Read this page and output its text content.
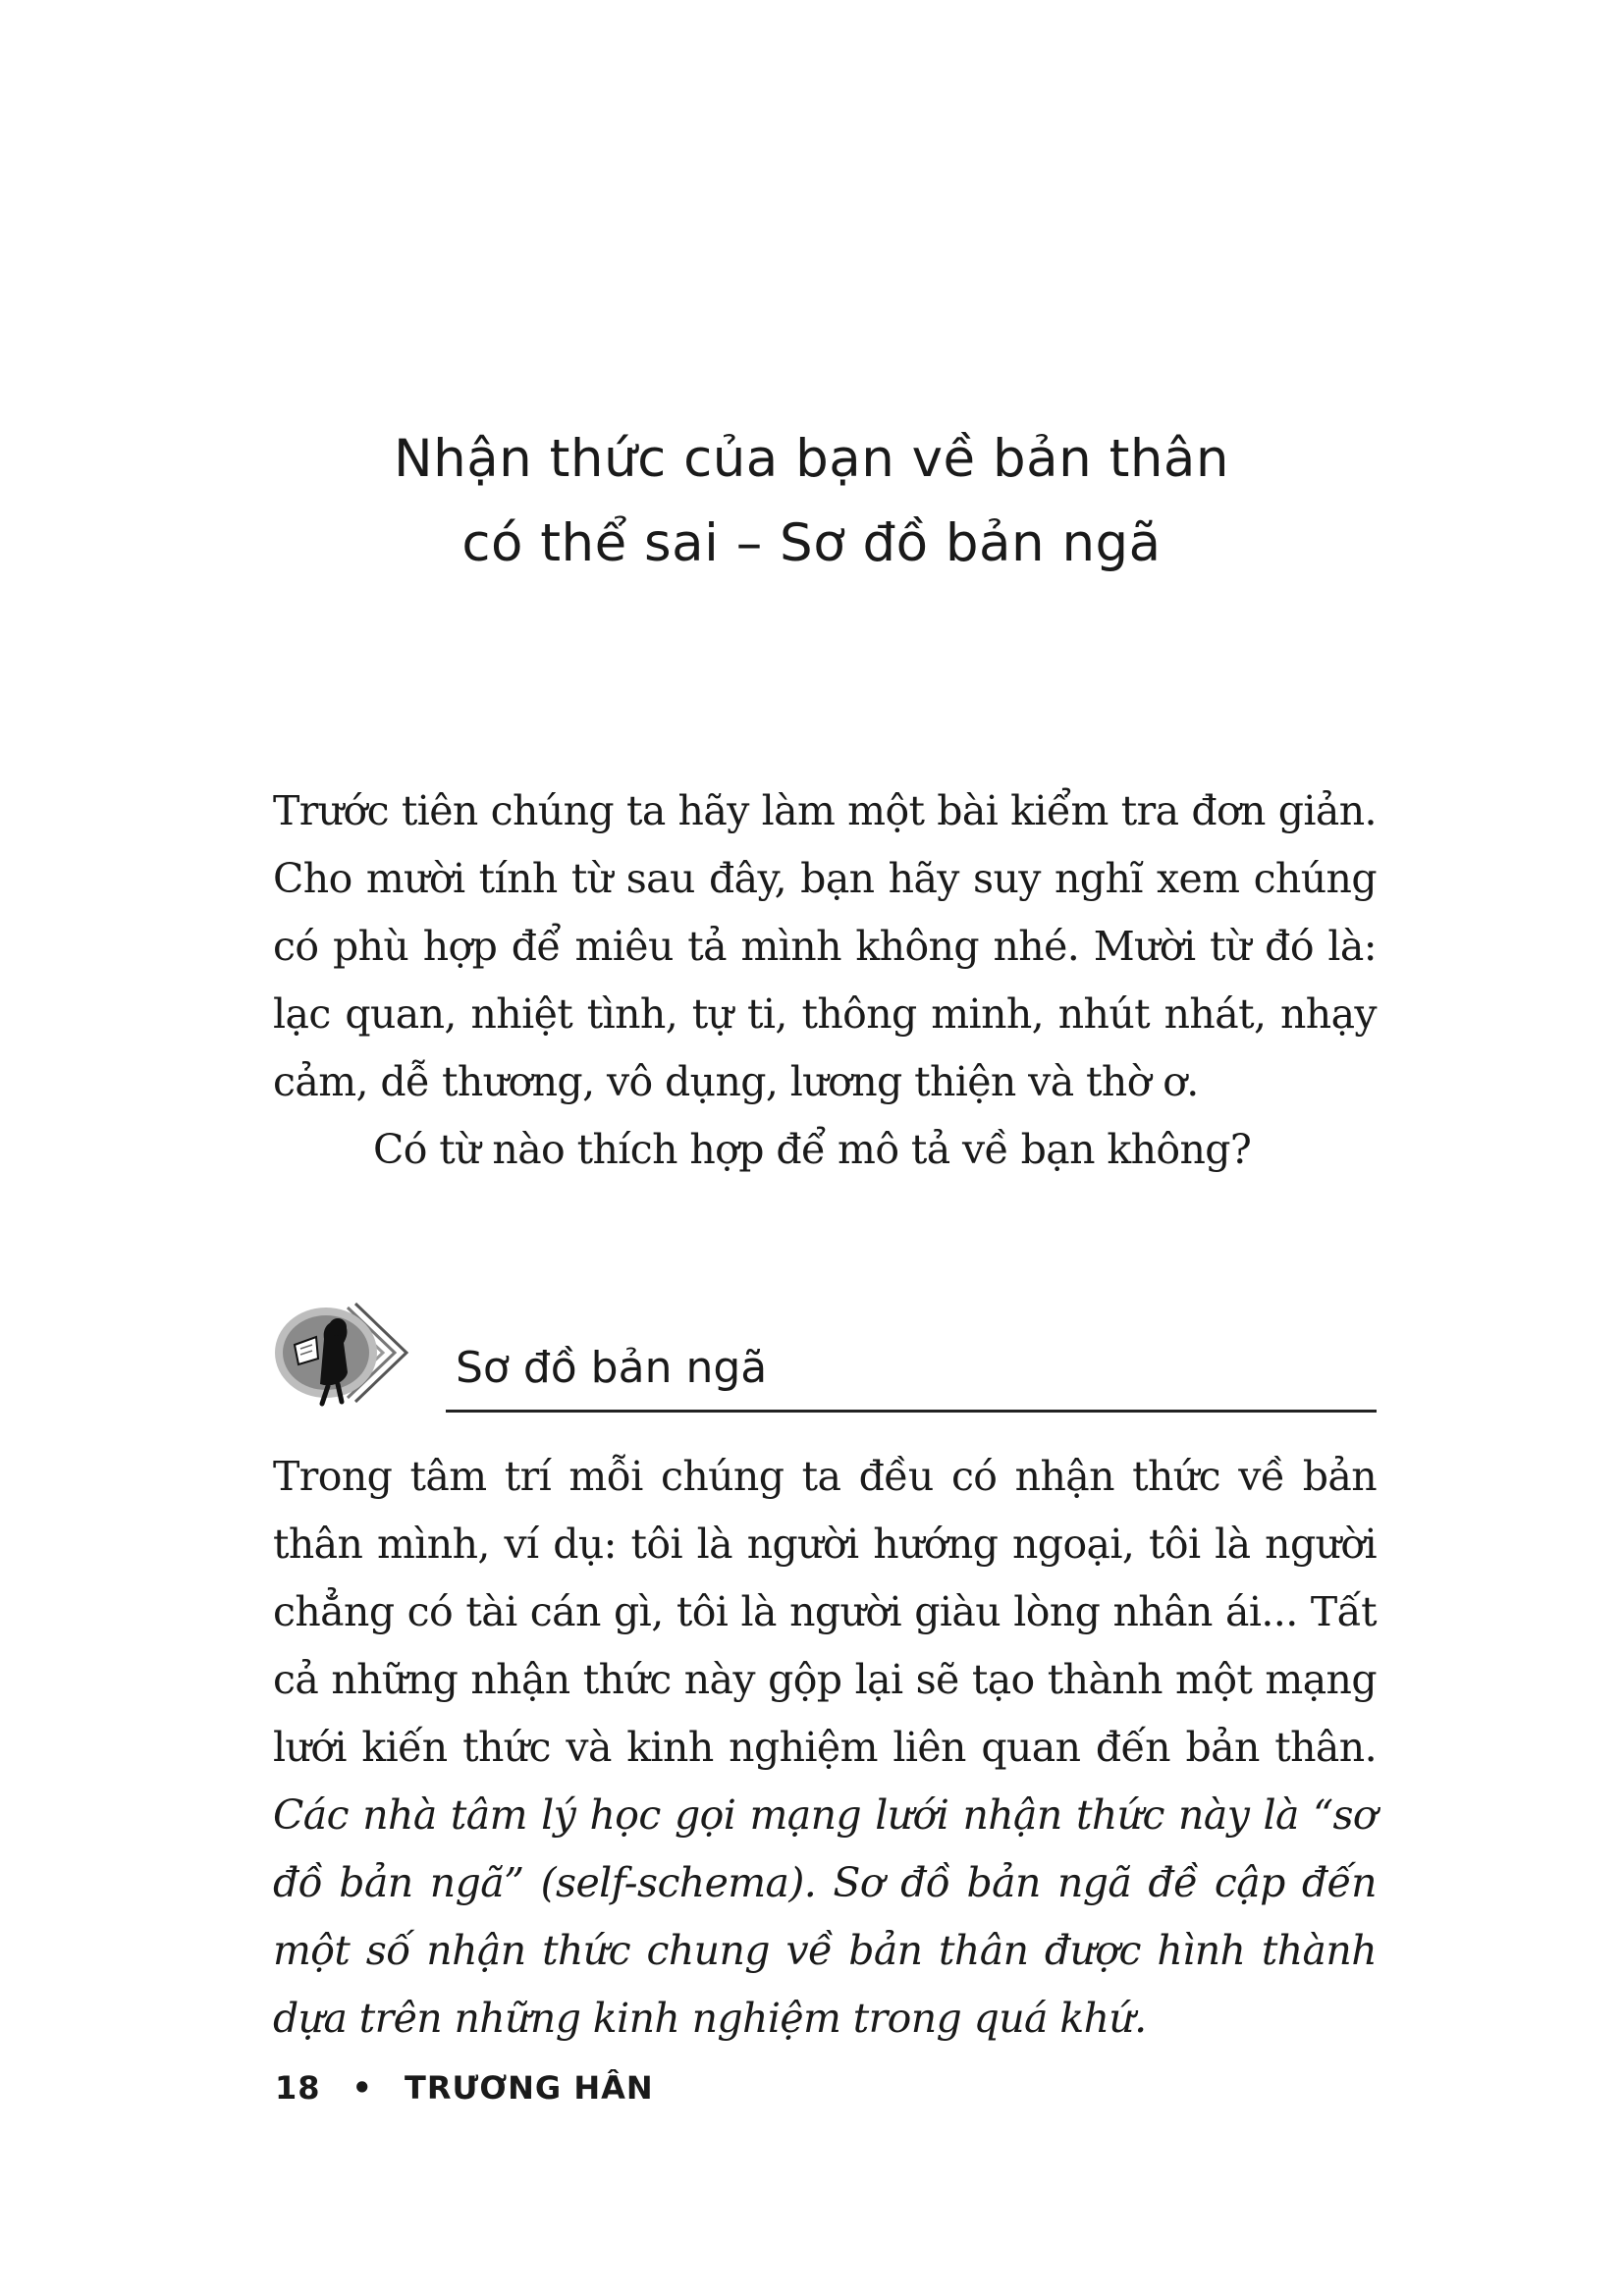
Nhận thức của bạn về bản thân
có thể sai – Sơ đồ bản ngã

Trước tiên chúng ta hãy làm một bài kiểm tra đơn giản. Cho mười tính từ sau đây, bạn hãy suy nghĩ xem chúng có phù hợp để miêu tả mình không nhé. Mười từ đó là: lạc quan, nhiệt tình, tự ti, thông minh, nhút nhát, nhạy cảm, dễ thương, vô dụng, lương thiện và thờ ơ.

Có từ nào thích hợp để mô tả về bạn không?

Sơ đồ bản ngã

Trong tâm trí mỗi chúng ta đều có nhận thức về bản thân mình, ví dụ: tôi là người hướng ngoại, tôi là người chẳng có tài cán gì, tôi là người giàu lòng nhân ái... Tất cả những nhận thức này gộp lại sẽ tạo thành một mạng lưới kiến thức và kinh nghiệm liên quan đến bản thân. Các nhà tâm lý học gọi mạng lưới nhận thức này là “sơ đồ bản ngã” (self-schema). Sơ đồ bản ngã đề cập đến một số nhận thức chung về bản thân được hình thành dựa trên những kinh nghiệm trong quá khứ.

18 • TRƯƠNG HÂN
